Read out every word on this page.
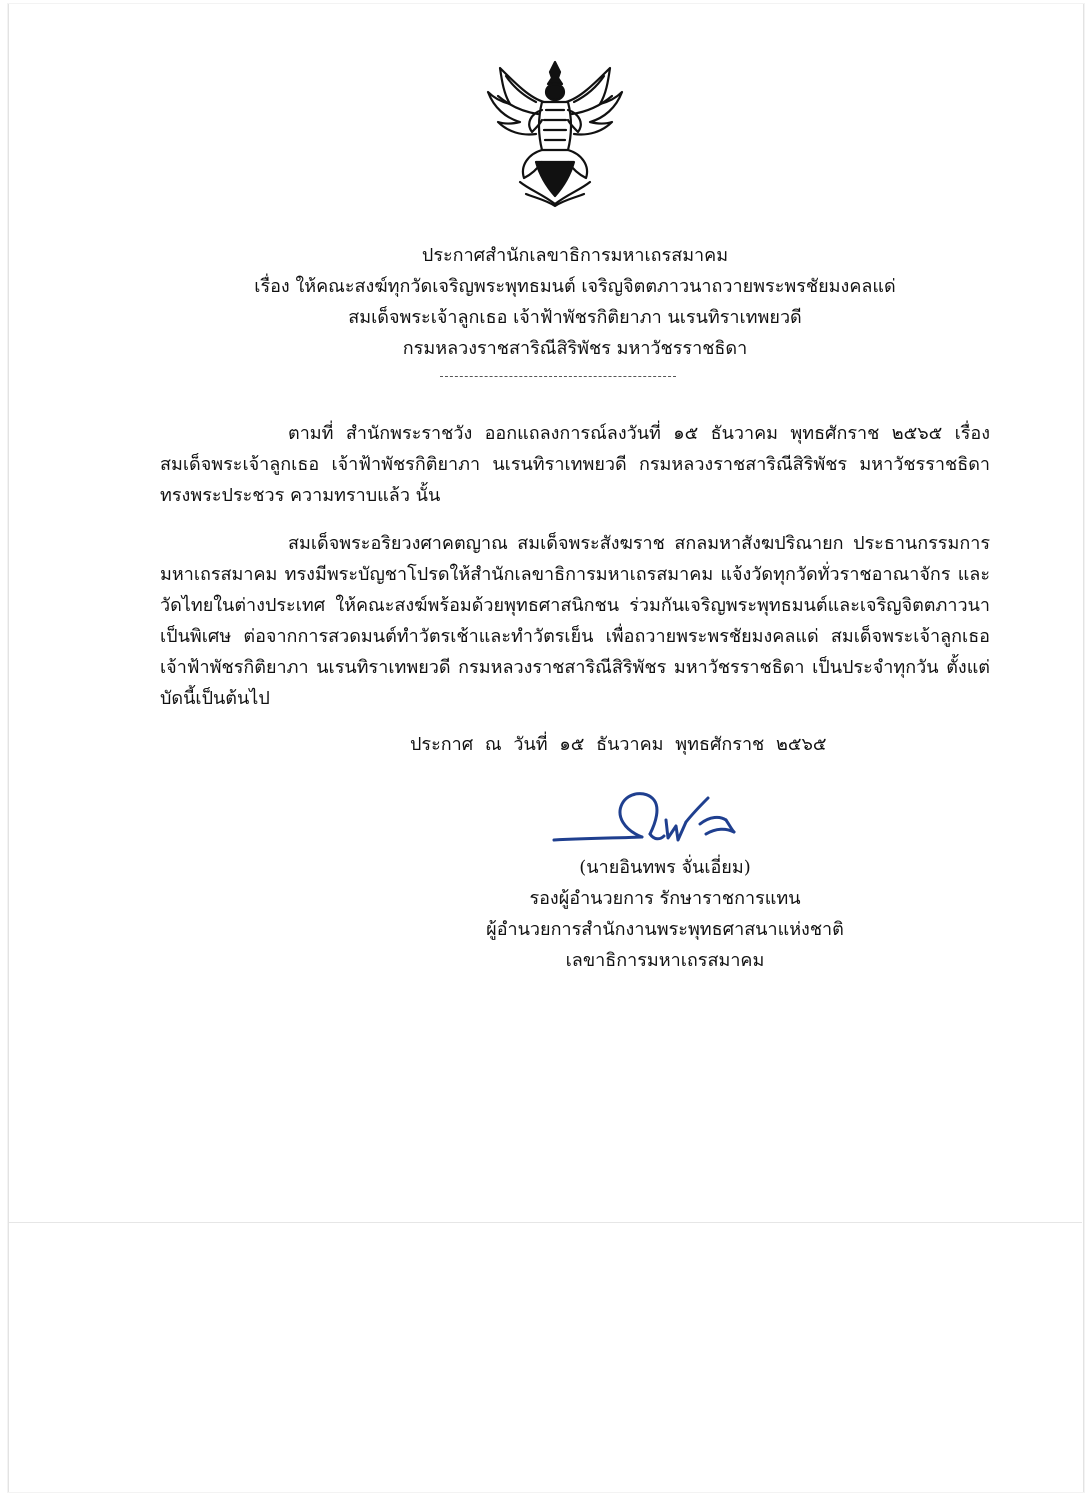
ประกาศสำนักเลขาธิการมหาเถรสมาคม
เรื่อง ให้คณะสงฆ์ทุกวัดเจริญพระพุทธมนต์ เจริญจิตตภาวนาถวายพระพรชัยมงคลแด่
สมเด็จพระเจ้าลูกเธอ เจ้าฟ้าพัชรกิติยาภา นเรนทิราเทพยวดี
กรมหลวงราชสาริณีสิริพัชร มหาวัชรราชธิดา
ตามที่ สำนักพระราชวัง ออกแถลงการณ์ลงวันที่ ๑๕ ธันวาคม พุทธศักราช ๒๕๖๕ เรื่อง
สมเด็จพระเจ้าลูกเธอ เจ้าฟ้าพัชรกิติยาภา นเรนทิราเทพยวดี กรมหลวงราชสาริณีสิริพัชร มหาวัชรราชธิดา
ทรงพระประชวร ความทราบแล้ว นั้น
สมเด็จพระอริยวงศาคตญาณ สมเด็จพระสังฆราช สกลมหาสังฆปริณายก ประธานกรรมการ
มหาเถรสมาคม ทรงมีพระบัญชาโปรดให้สำนักเลขาธิการมหาเถรสมาคม แจ้งวัดทุกวัดทั่วราชอาณาจักร และ
วัดไทยในต่างประเทศ ให้คณะสงฆ์พร้อมด้วยพุทธศาสนิกชน ร่วมกันเจริญพระพุทธมนต์และเจริญจิตตภาวนา
เป็นพิเศษ ต่อจากการสวดมนต์ทำวัตรเช้าและทำวัตรเย็น เพื่อถวายพระพรชัยมงคลแด่ สมเด็จพระเจ้าลูกเธอ
เจ้าฟ้าพัชรกิติยาภา นเรนทิราเทพยวดี กรมหลวงราชสาริณีสิริพัชร มหาวัชรราชธิดา เป็นประจำทุกวัน ตั้งแต่
บัดนี้เป็นต้นไป
ประกาศ ณ วันที่ ๑๕ ธันวาคม พุทธศักราช ๒๕๖๕
(นายอินทพร จั่นเอี่ยม)
รองผู้อำนวยการ รักษาราชการแทน
ผู้อำนวยการสำนักงานพระพุทธศาสนาแห่งชาติ
เลขาธิการมหาเถรสมาคม
